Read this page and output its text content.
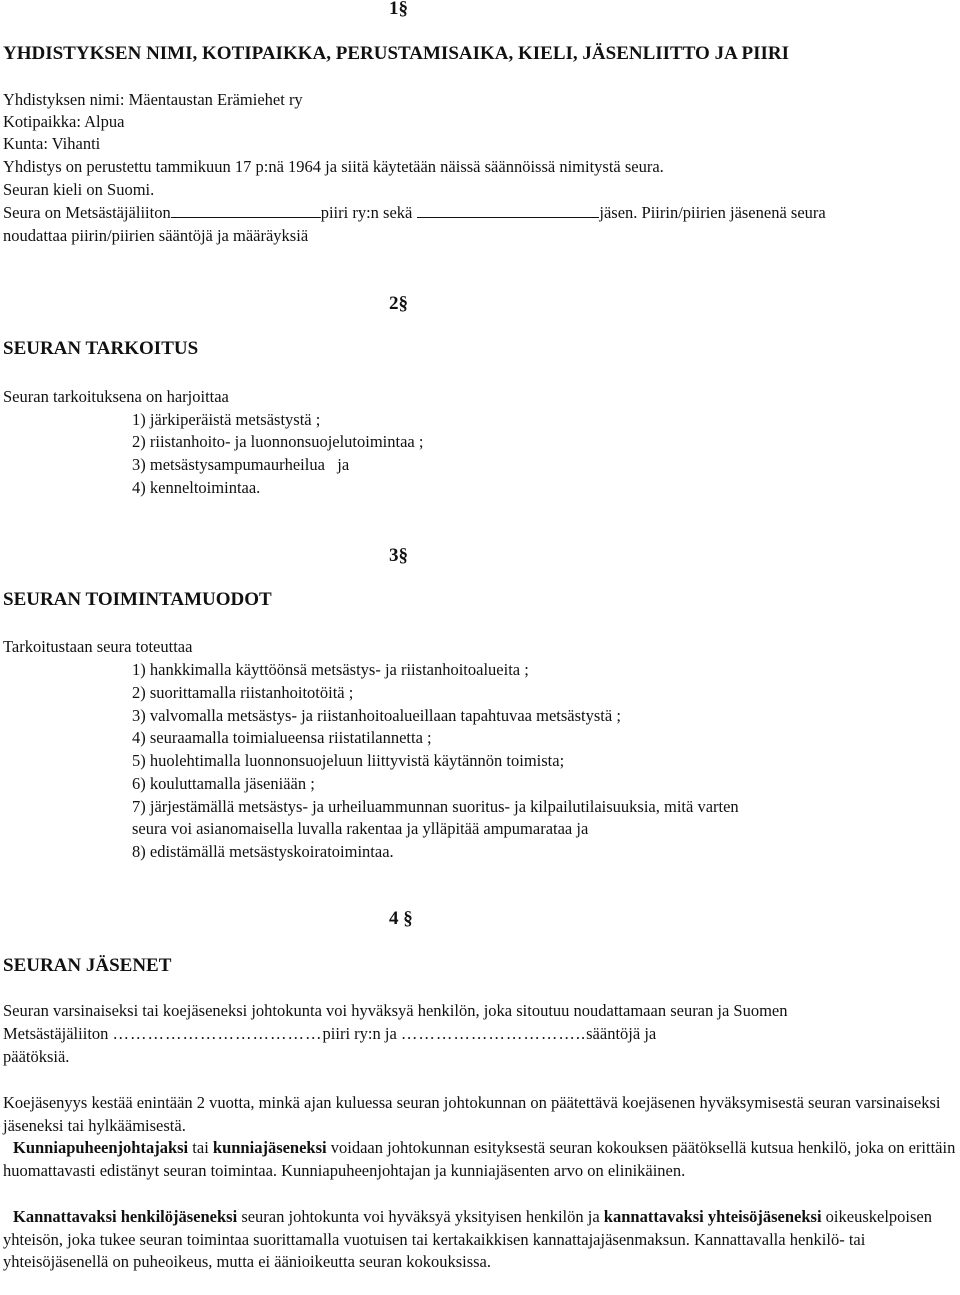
1§
YHDISTYKSEN NIMI, KOTIPAIKKA, PERUSTAMISAIKA, KIELI, JÄSENLIITTO JA PIIRI
Yhdistyksen nimi: Mäentaustan Erämiehet ry
Kotipaikka: Alpua
Kunta: Vihanti
Yhdistys on perustettu tammikuun 17 p:nä 1964 ja siitä käytetään näissä säännöissä nimitystä seura.
Seuran kieli on Suomi.
Seura on Metsästäjäliiton	piiri ry:n sekä	jäsen. Piirin/piirien jäsenenä seura
noudattaa piirin/piirien sääntöjä ja määräyksiä
2§
SEURAN TARKOITUS
Seuran tarkoituksena on harjoittaa
1) järkiperäistä metsästystä ;
2) riistanhoito- ja luonnonsuojelutoimintaa ;
3) metsästysampumaurheilua   ja
4) kenneltoimintaa.
3§
SEURAN TOIMINTAMUODOT
Tarkoitustaan seura toteuttaa
1) hankkimalla käyttöönsä metsästys- ja riistanhoitoalueita ;
2) suorittamalla riistanhoitotöitä ;
3) valvomalla metsästys- ja riistanhoitoalueillaan tapahtuvaa metsästystä ;
4) seuraamalla toimialueensa riistatilannetta ;
5) huolehtimalla luonnonsuojeluun liittyvistä käytännön toimista;
6) kouluttamalla jäseniään ;
7) järjestämällä metsästys- ja urheiluammunnan suoritus- ja kilpailutilaisuuksia, mitä varten
seura voi asianomaisella luvalla rakentaa ja ylläpitää ampumarataa ja
8) edistämällä metsästyskoiratoimintaa.
4 §
SEURAN JÄSENET
Seuran varsinaiseksi tai koejäseneksi johtokunta voi hyväksyä henkilön, joka sitoutuu noudattamaan seuran ja Suomen
Metsästäjäliiton ………………………………piiri ry:n ja …………………………..sääntöjä ja
päätöksiä.
Koejäsenyys kestää enintään 2 vuotta, minkä ajan kuluessa seuran johtokunnan on päätettävä koejäsenen hyväksymisestä seuran varsinaiseksi jäseneksi tai hylkäämisestä.
Kunniapuheenjohtajaksi tai kunniajäseneksi voidaan johtokunnan esityksestä seuran kokouksen päätöksellä kutsua henkilö, joka on erittäin huomattavasti edistänyt seuran toimintaa. Kunniapuheenjohtajan ja kunniajäsenten arvo on elinikäinen.
Kannattavaksi henkilöjäseneksi seuran johtokunta voi hyväksyä yksityisen henkilön ja kannattavaksi yhteisöjäseneksi oikeuskelpoisen yhteisön, joka tukee seuran toimintaa suorittamalla vuotuisen tai kertakaikkisen kannattajajäsenmaksun. Kannattavalla henkilö- tai yhteisöjäsenellä on puheoikeus, mutta ei äänioikeutta seuran kokouksissa.
